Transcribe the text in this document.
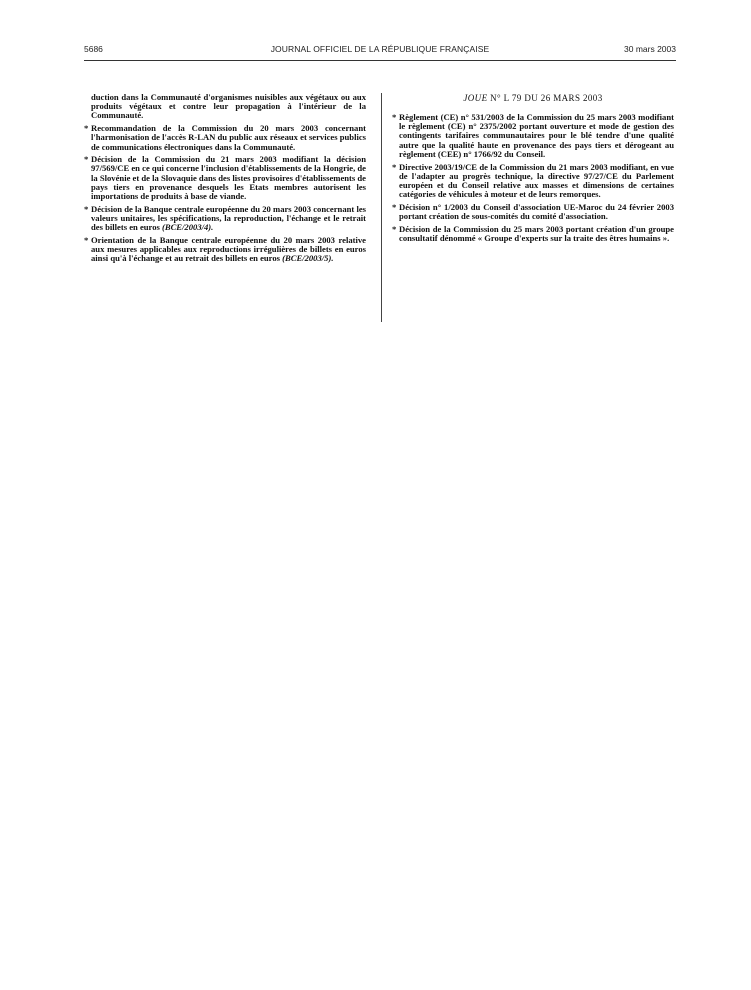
5686	JOURNAL OFFICIEL DE LA RÉPUBLIQUE FRANÇAISE	30 mars 2003

duction dans la Communauté d'organismes nuisibles aux végétaux ou aux produits végétaux et contre leur propagation à l'intérieur de la Communauté.

* Recommandation de la Commission du 20 mars 2003 concernant l'harmonisation de l'accès R-LAN du public aux réseaux et services publics de communications électroniques dans la Communauté.

* Décision de la Commission du 21 mars 2003 modifiant la décision 97/569/CE en ce qui concerne l'inclusion d'établissements de la Hongrie, de la Slovénie et de la Slovaquie dans des listes provisoires d'établissements de pays tiers en provenance desquels les Etats membres autorisent les importations de produits à base de viande.

* Décision de la Banque centrale européenne du 20 mars 2003 concernant les valeurs unitaires, les spécifications, la reproduction, l'échange et le retrait des billets en euros (BCE/2003/4).

* Orientation de la Banque centrale européenne du 20 mars 2003 relative aux mesures applicables aux reproductions irrégulières de billets en euros ainsi qu'à l'échange et au retrait des billets en euros (BCE/2003/5).

JOUE N° L 79 DU 26 MARS 2003

* Règlement (CE) n° 531/2003 de la Commission du 25 mars 2003 modifiant le règlement (CE) n° 2375/2002 portant ouverture et mode de gestion des contingents tarifaires communautaires pour le blé tendre d'une qualité autre que la qualité haute en provenance des pays tiers et dérogeant au règlement (CEE) n° 1766/92 du Conseil.

* Directive 2003/19/CE de la Commission du 21 mars 2003 modifiant, en vue de l'adapter au progrès technique, la directive 97/27/CE du Parlement européen et du Conseil relative aux masses et dimensions de certaines catégories de véhicules à moteur et de leurs remorques.

* Décision n° 1/2003 du Conseil d'association UE-Maroc du 24 février 2003 portant création de sous-comités du comité d'association.

* Décision de la Commission du 25 mars 2003 portant création d'un groupe consultatif dénommé « Groupe d'experts sur la traite des êtres humains ».
